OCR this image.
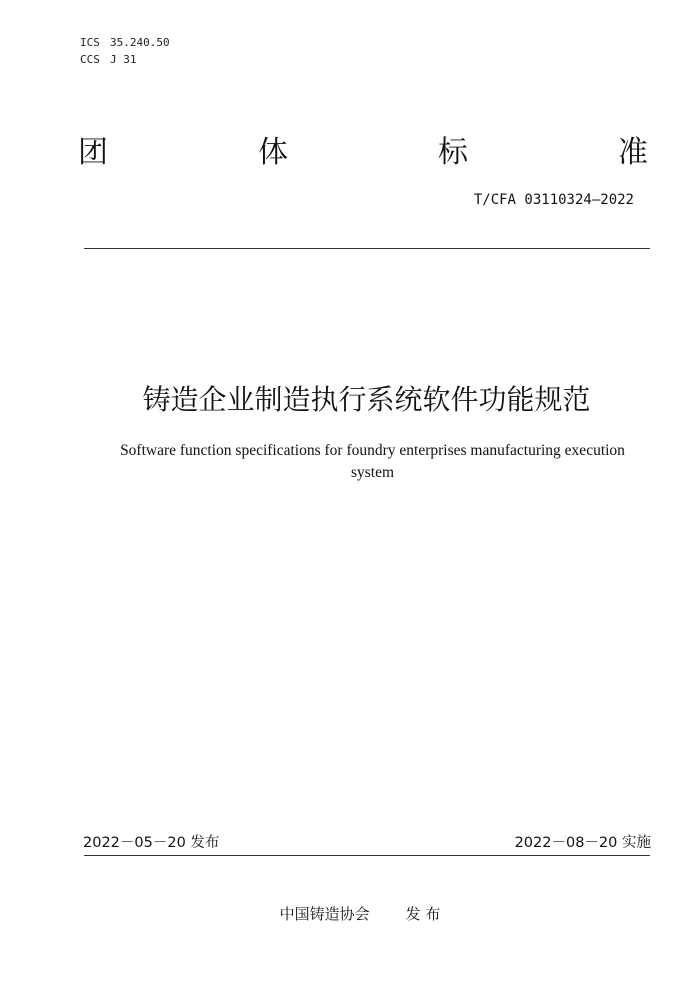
ICS 35.240.50
CCS J 31
团	体	标	准
T/CFA 03110324—2022
铸造企业制造执行系统软件功能规范
Software function specifications for foundry enterprises manufacturing execution system
2022－05－20 发布	2022－08－20 实施
中国铸造协会 发 布
